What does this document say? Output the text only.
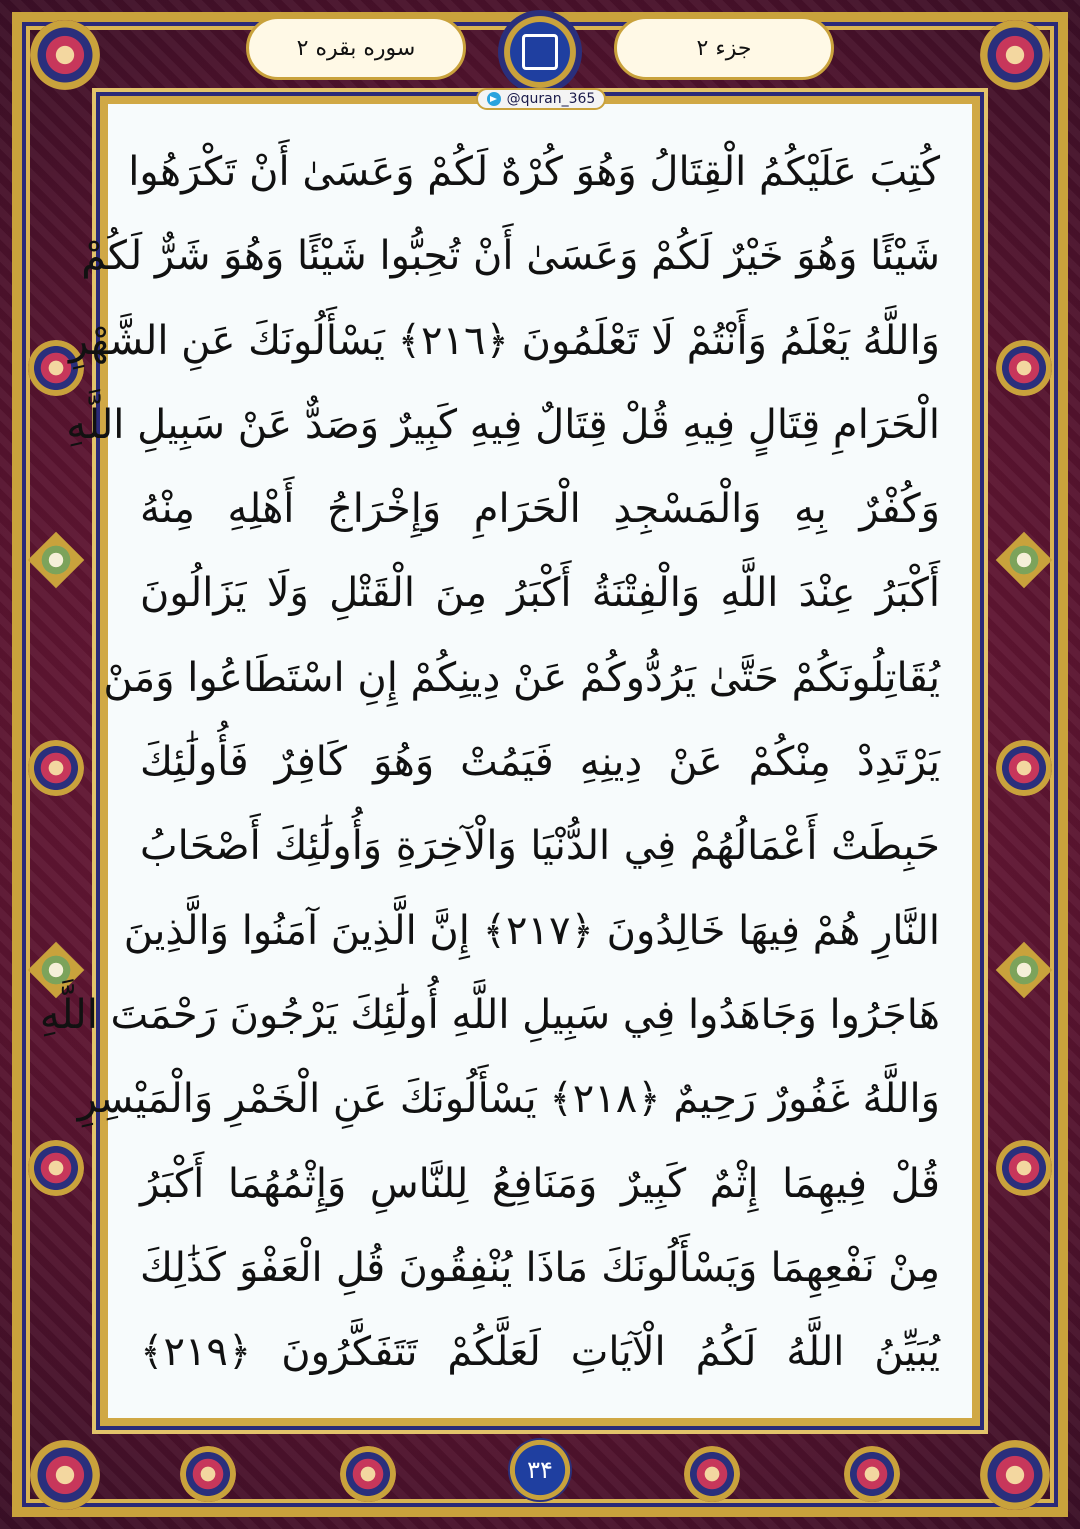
سوره بقره ۲	جزء ۲
@quran_365
كُتِبَ عَلَيْكُمُ الْقِتَالُ وَهُوَ كُرْهٌ لَكُمْ وَعَسَىٰ أَنْ تَكْرَهُوا
شَيْئًا وَهُوَ خَيْرٌ لَكُمْ وَعَسَىٰ أَنْ تُحِبُّوا شَيْئًا وَهُوَ شَرٌّ لَكُمْ
وَاللَّهُ يَعْلَمُ وَأَنْتُمْ لَا تَعْلَمُونَ ﴿٢١٦﴾ يَسْأَلُونَكَ عَنِ الشَّهْرِ
الْحَرَامِ قِتَالٍ فِيهِ قُلْ قِتَالٌ فِيهِ كَبِيرٌ وَصَدٌّ عَنْ سَبِيلِ اللَّهِ
وَكُفْرٌ بِهِ وَالْمَسْجِدِ الْحَرَامِ وَإِخْرَاجُ أَهْلِهِ مِنْهُ
أَكْبَرُ عِنْدَ اللَّهِ وَالْفِتْنَةُ أَكْبَرُ مِنَ الْقَتْلِ وَلَا يَزَالُونَ
يُقَاتِلُونَكُمْ حَتَّىٰ يَرُدُّوكُمْ عَنْ دِينِكُمْ إِنِ اسْتَطَاعُوا وَمَنْ
يَرْتَدِدْ مِنْكُمْ عَنْ دِينِهِ فَيَمُتْ وَهُوَ كَافِرٌ فَأُولَٰئِكَ
حَبِطَتْ أَعْمَالُهُمْ فِي الدُّنْيَا وَالْآخِرَةِ وَأُولَٰئِكَ أَصْحَابُ
النَّارِ هُمْ فِيهَا خَالِدُونَ ﴿٢١٧﴾ إِنَّ الَّذِينَ آمَنُوا وَالَّذِينَ
هَاجَرُوا وَجَاهَدُوا فِي سَبِيلِ اللَّهِ أُولَٰئِكَ يَرْجُونَ رَحْمَتَ اللَّهِ
وَاللَّهُ غَفُورٌ رَحِيمٌ ﴿٢١٨﴾ يَسْأَلُونَكَ عَنِ الْخَمْرِ وَالْمَيْسِرِ
قُلْ فِيهِمَا إِثْمٌ كَبِيرٌ وَمَنَافِعُ لِلنَّاسِ وَإِثْمُهُمَا أَكْبَرُ
مِنْ نَفْعِهِمَا وَيَسْأَلُونَكَ مَاذَا يُنْفِقُونَ قُلِ الْعَفْوَ كَذَٰلِكَ
يُبَيِّنُ اللَّهُ لَكُمُ الْآيَاتِ لَعَلَّكُمْ تَتَفَكَّرُونَ ﴿٢١٩﴾
۳۴
